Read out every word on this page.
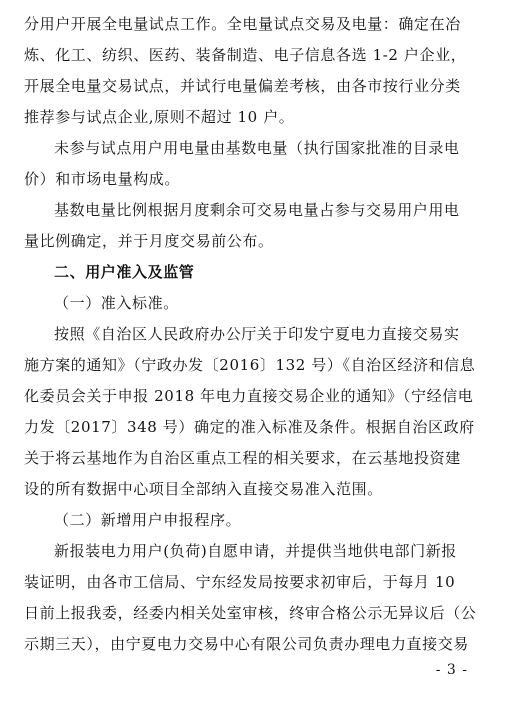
分用户开展全电量试点工作。全电量试点交易及电量：确定在冶
炼、化工、纺织、医药、装备制造、电子信息各选 1-2 户企业，
开展全电量交易试点，并试行电量偏差考核，由各市按行业分类
推荐参与试点企业,原则不超过 10 户。
未参与试点用户用电量由基数电量（执行国家批准的目录电
价）和市场电量构成。
基数电量比例根据月度剩余可交易电量占参与交易用户用电
量比例确定，并于月度交易前公布。
二、用户准入及监管
（一）准入标准。
按照《自治区人民政府办公厅关于印发宁夏电力直接交易实
施方案的通知》（宁政办发〔2016〕132 号）《自治区经济和信息
化委员会关于申报 2018 年电力直接交易企业的通知》（宁经信电
力发〔2017〕348 号）确定的准入标准及条件。根据自治区政府
关于将云基地作为自治区重点工程的相关要求，在云基地投资建
设的所有数据中心项目全部纳入直接交易准入范围。
（二）新增用户申报程序。
新报装电力用户(负荷)自愿申请，并提供当地供电部门新报
装证明，由各市工信局、宁东经发局按要求初审后，于每月 10
日前上报我委，经委内相关处室审核，终审合格公示无异议后（公
示期三天），由宁夏电力交易中心有限公司负责办理电力直接交易
- 3 -
